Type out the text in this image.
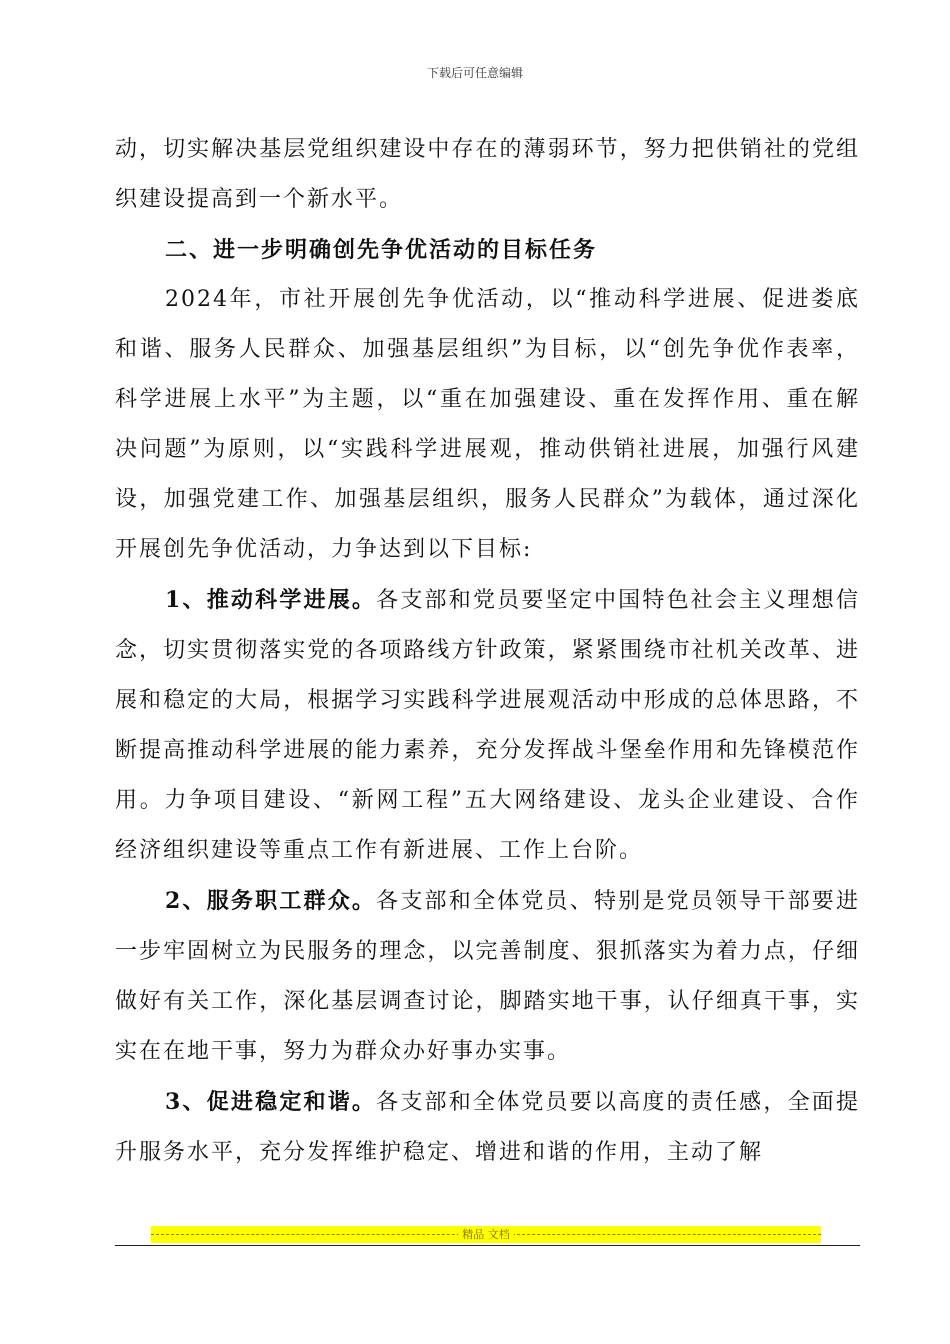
下载后可任意编辑

动，切实解决基层党组织建设中存在的薄弱环节，努力把供销社的党组织建设提高到一个新水平。

二、进一步明确创先争优活动的目标任务

2024年，市社开展创先争优活动，以“推动科学进展、促进娄底和谐、服务人民群众、加强基层组织”为目标，以“创先争优作表率，科学进展上水平”为主题，以“重在加强建设、重在发挥作用、重在解决问题”为原则，以“实践科学进展观，推动供销社进展，加强行风建设，加强党建工作、加强基层组织，服务人民群众”为载体，通过深化开展创先争优活动，力争达到以下目标:

1、推动科学进展。各支部和党员要坚定中国特色社会主义理想信念，切实贯彻落实党的各项路线方针政策，紧紧围绕市社机关改革、进展和稳定的大局，根据学习实践科学进展观活动中形成的总体思路，不断提高推动科学进展的能力素养，充分发挥战斗堡垒作用和先锋模范作用。力争项目建设、“新网工程”五大网络建设、龙头企业建设、合作经济组织建设等重点工作有新进展、工作上台阶。

2、服务职工群众。各支部和全体党员、特别是党员领导干部要进一步牢固树立为民服务的理念，以完善制度、狠抓落实为着力点，仔细做好有关工作，深化基层调查讨论，脚踏实地干事，认仔细真干事，实实在在地干事，努力为群众办好事办实事。

3、促进稳定和谐。各支部和全体党员要以高度的责任感，全面提升服务水平，充分发挥维护稳定、增进和谐的作用，主动了解

精品 文档
